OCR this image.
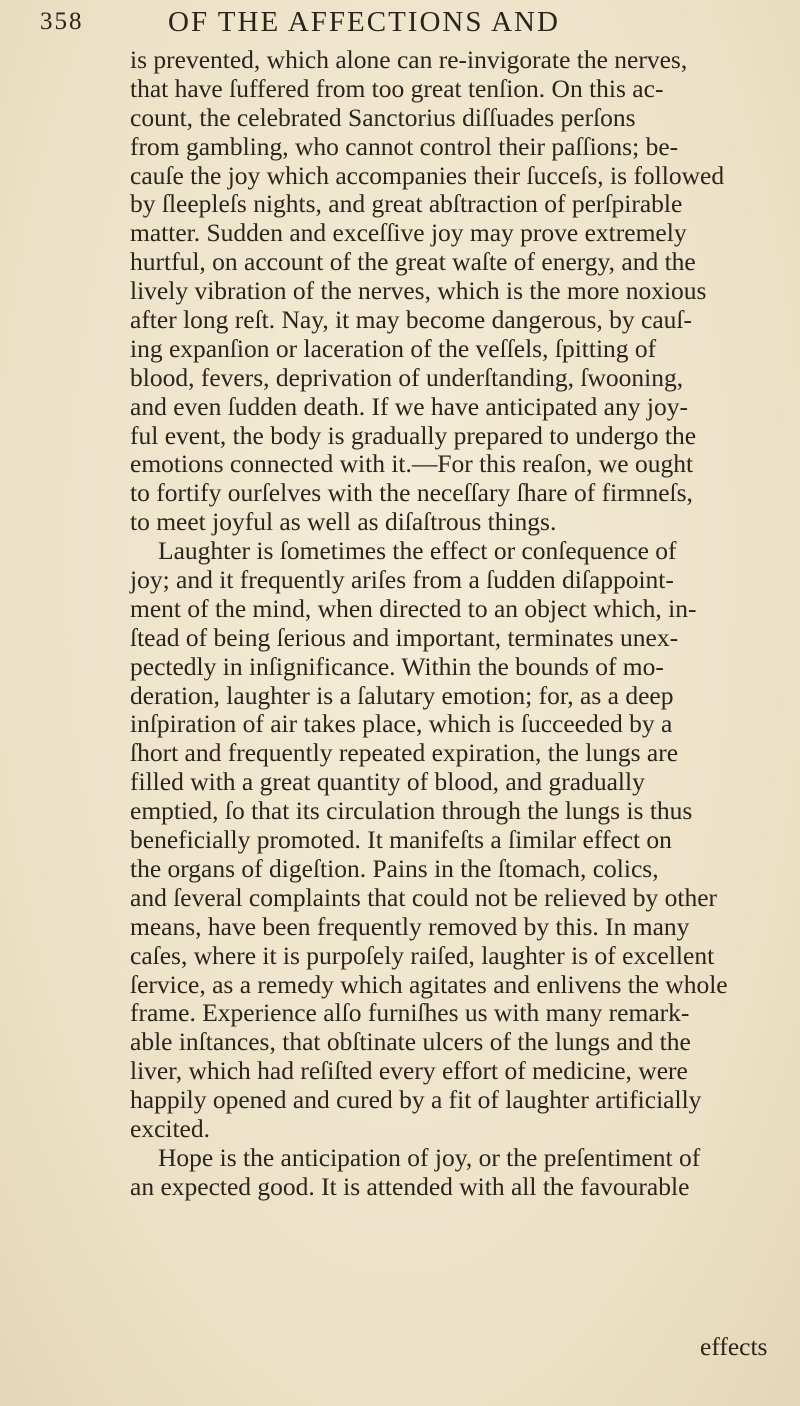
358	OF THE AFFECTIONS AND
is prevented, which alone can re-invigorate the nerves,
that have ſuffered from too great tenſion. On this ac-
count, the celebrated Sanctorius diſſuades perſons
from gambling, who cannot control their paſſions; be-
cauſe the joy which accompanies their ſucceſs, is followed
by ſleepleſs nights, and great abſtraction of perſpirable
matter. Sudden and exceſſive joy may prove extremely
hurtful, on account of the great waſte of energy, and the
lively vibration of the nerves, which is the more noxious
after long reſt. Nay, it may become dangerous, by cauſ-
ing expanſion or laceration of the veſſels, ſpitting of
blood, fevers, deprivation of underſtanding, ſwooning,
and even ſudden death. If we have anticipated any joy-
ful event, the body is gradually prepared to undergo the
emotions connected with it.—For this reaſon, we ought
to fortify ourſelves with the neceſſary ſhare of firmneſs,
to meet joyful as well as diſaſtrous things.
Laughter is ſometimes the effect or conſequence of
joy; and it frequently ariſes from a ſudden diſappoint-
ment of the mind, when directed to an object which, in-
ſtead of being ſerious and important, terminates unex-
pectedly in inſignificance. Within the bounds of mo-
deration, laughter is a ſalutary emotion; for, as a deep
inſpiration of air takes place, which is ſucceeded by a
ſhort and frequently repeated expiration, the lungs are
filled with a great quantity of blood, and gradually
emptied, ſo that its circulation through the lungs is thus
beneficially promoted. It manifeſts a ſimilar effect on
the organs of digeſtion. Pains in the ſtomach, colics,
and ſeveral complaints that could not be relieved by other
means, have been frequently removed by this. In many
caſes, where it is purpoſely raiſed, laughter is of excellent
ſervice, as a remedy which agitates and enlivens the whole
frame. Experience alſo furniſhes us with many remark-
able inſtances, that obſtinate ulcers of the lungs and the
liver, which had reſiſted every effort of medicine, were
happily opened and cured by a fit of laughter artificially
excited.
Hope is the anticipation of joy, or the preſentiment of
an expected good. It is attended with all the favourable
effects
